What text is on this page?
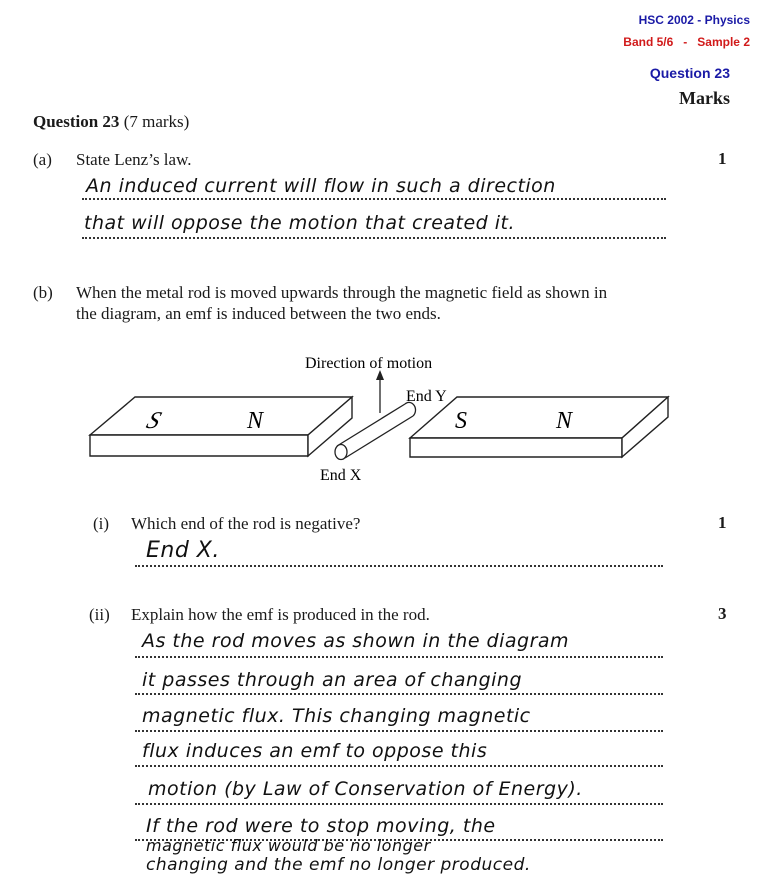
HSC 2002 - Physics
Band 5/6   -   Sample 2
Question 23
Marks
Question 23 (7 marks)
(a) State Lenz’s law.	1
An induced current will flow in such a direction
that will oppose the motion that created it.
(b) When the metal rod is moved upwards through the magnetic field as shown in
the diagram, an emf is induced between the two ends.
S	N	S	N
Direction of motion
End Y
End X
(i) Which end of the rod is negative?	1
End X.
(ii) Explain how the emf is produced in the rod.	3
As the rod moves as shown in the diagram
it passes through an area of changing
magnetic flux. This changing magnetic
flux induces an emf to oppose this
motion (by Law of Conservation of Energy).
If the rod were to stop moving, the
magnetic flux would be no longer
changing and the emf no longer produced.
